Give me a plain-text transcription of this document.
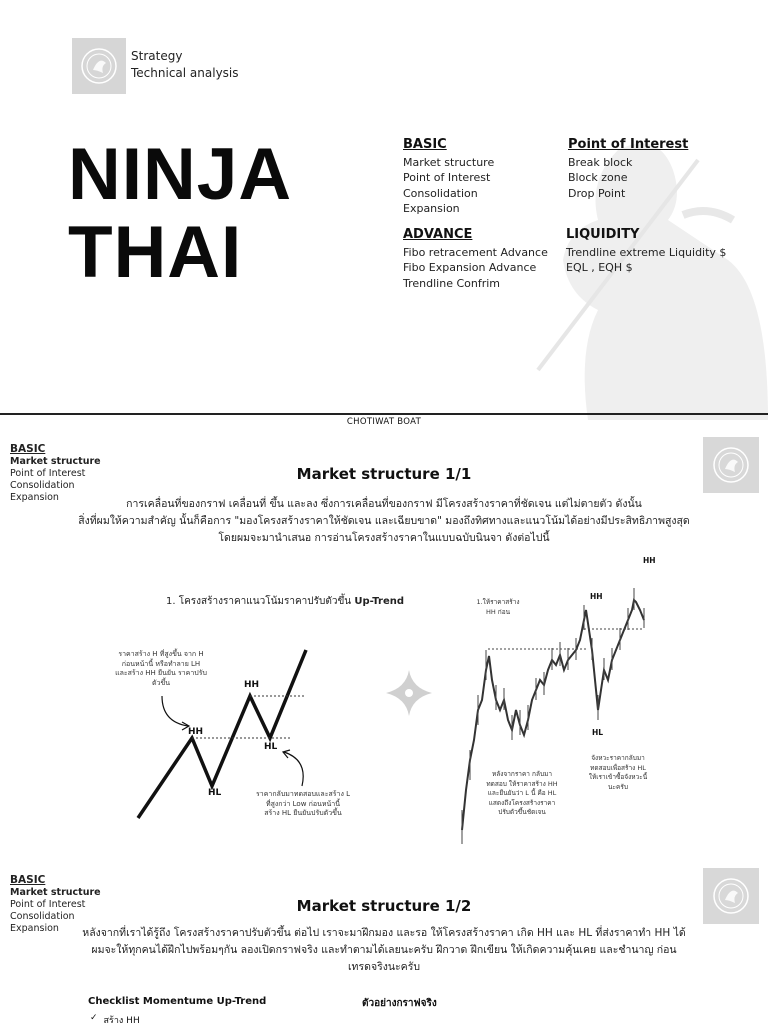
Strategy
Technical analysis
NINJA
THAI
BASIC
Market structure
Point of Interest
Consolidation
Expansion
Point of Interest
Break block
Block zone
Drop Point
ADVANCE
Fibo retracement Advance
Fibo Expansion Advance
Trendline Confrim
LIQUIDITY
Trendline extreme Liquidity $
EQL , EQH $
CHOTIWAT BOAT
BASIC
Market structure
Point of Interest
Consolidation
Expansion
Market structure 1/1
การเคลื่อนที่ของกราฟ เคลื่อนที่ ขึ้น และลง ซึ่งการเคลื่อนที่ของกราฟ มีโครงสร้างราคาที่ชัดเจน แต่ไม่ตายตัว ดังนั้น
สิ่งที่ผมให้ความสำคัญ นั้นก็คือการ "มองโครงสร้างราคาให้ชัดเจน และเฉียบขาด" มองถึงทิศทางและแนวโน้มได้อย่างมีประสิทธิภาพสูงสุด
โดยผมจะมานำเสนอ การอ่านโครงสร้างราคาในแบบฉบับนินจา ดังต่อไปนี้
1. โครงสร้างราคาแนวโน้มราคาปรับตัวขึ้น Up-Trend
HH
HH
HL
HL
ราคาสร้าง H ที่สูงขึ้น จาก H
ก่อนหน้านี้ หรือทำลาย LH
และสร้าง HH ยืนยัน ราคาปรับ
ตัวขึ้น
ราคากลับมาทดสอบและสร้าง L
ที่สูงกว่า Low ก่อนหน้านี้
สร้าง HL ยืนยันปรับตัวขึ้น
1.ให้ราคาสร้าง
HH ก่อน
HH
HH
HL
หลังจากราคา กลับมา
ทดสอบ ให้ราคาสร้าง HH
และยืนยันว่า L นี้ คือ HL
แสดงถึงโครงสร้างราคา
ปรับตัวขึ้นชัดเจน
จังหวะราคากลับมา
ทดสอบเพื่อสร้าง HL
ให้เราเข้าซื้อจังหวะนี้
นะครับ
BASIC
Market structure
Point of Interest
Consolidation
Expansion
Market structure 1/2
หลังจากที่เราได้รู้ถึง โครงสร้างราคาปรับตัวขึ้น ต่อไป เราจะมาฝึกมอง และรอ ให้โครงสร้างราคา เกิด HH และ HL ที่ส่งราคาทำ HH ได้
ผมจะให้ทุกคนได้ฝึกไปพร้อมๆกัน ลองเปิดกราฟจริง และทำตามได้เลยนะครับ ฝึกวาด ฝึกเขียน ให้เกิดความคุ้นเคย และชำนาญ ก่อน
เทรดจริงนะครับ
Checklist Momentume Up-Trend	ตัวอย่างกราฟจริง
✓ สร้าง HH
